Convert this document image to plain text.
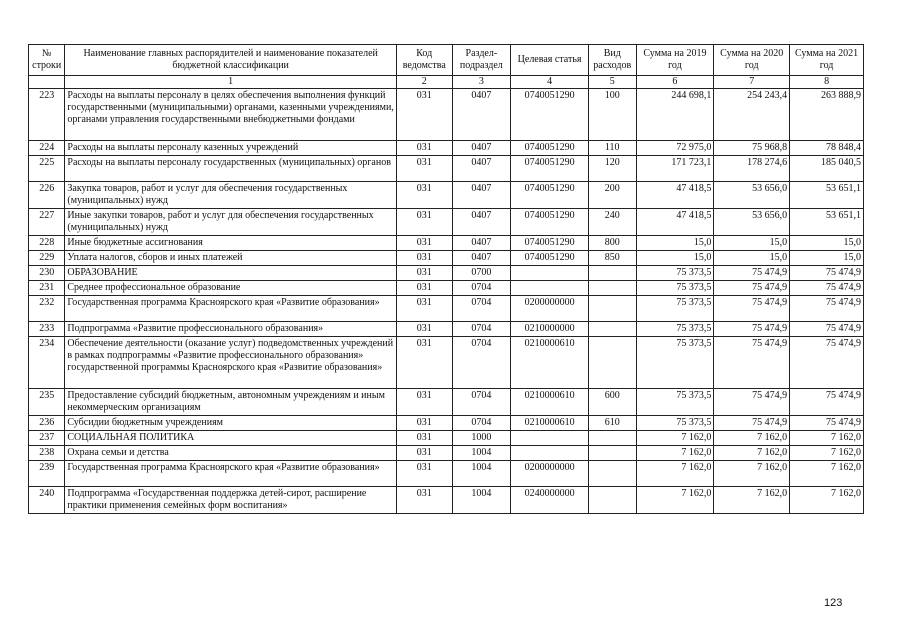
№ строки	Наименование главных распорядителей и наименование показателей бюджетной классификации	Код ведомства	Раздел-подраздел	Целевая статья	Вид расходов	Сумма на 2019 год	Сумма на 2020 год	Сумма на 2021 год
	1	2	3	4	5	6	7	8
223	Расходы на выплаты персоналу в целях обеспечения выполнения функций государственными (муниципальными) органами, казенными учреждениями, органами управления государственными внебюджетными фондами	031	0407	0740051290	100	244 698,1	254 243,4	263 888,9
224	Расходы на выплаты персоналу казенных учреждений	031	0407	0740051290	110	72 975,0	75 968,8	78 848,4
225	Расходы на выплаты персоналу государственных (муниципальных) органов	031	0407	0740051290	120	171 723,1	178 274,6	185 040,5
226	Закупка товаров, работ и услуг для обеспечения государственных (муниципальных) нужд	031	0407	0740051290	200	47 418,5	53 656,0	53 651,1
227	Иные закупки товаров, работ и услуг для обеспечения государственных (муниципальных) нужд	031	0407	0740051290	240	47 418,5	53 656,0	53 651,1
228	Иные бюджетные ассигнования	031	0407	0740051290	800	15,0	15,0	15,0
229	Уплата налогов, сборов и иных платежей	031	0407	0740051290	850	15,0	15,0	15,0
230	ОБРАЗОВАНИЕ	031	0700			75 373,5	75 474,9	75 474,9
231	Среднее профессиональное образование	031	0704			75 373,5	75 474,9	75 474,9
232	Государственная программа Красноярского края «Развитие образования»	031	0704	0200000000		75 373,5	75 474,9	75 474,9
233	Подпрограмма «Развитие профессионального образования»	031	0704	0210000000		75 373,5	75 474,9	75 474,9
234	Обеспечение деятельности (оказание услуг) подведомственных учреждений в рамках подпрограммы «Развитие профессионального образования» государственной программы Красноярского края «Развитие образования»	031	0704	0210000610		75 373,5	75 474,9	75 474,9
235	Предоставление субсидий бюджетным, автономным учреждениям и иным некоммерческим организациям	031	0704	0210000610	600	75 373,5	75 474,9	75 474,9
236	Субсидии бюджетным учреждениям	031	0704	0210000610	610	75 373,5	75 474,9	75 474,9
237	СОЦИАЛЬНАЯ ПОЛИТИКА	031	1000			7 162,0	7 162,0	7 162,0
238	Охрана семьи и детства	031	1004			7 162,0	7 162,0	7 162,0
239	Государственная программа Красноярского края «Развитие образования»	031	1004	0200000000		7 162,0	7 162,0	7 162,0
240	Подпрограмма «Государственная поддержка детей-сирот, расширение практики применения семейных форм воспитания»	031	1004	0240000000		7 162,0	7 162,0	7 162,0
123
